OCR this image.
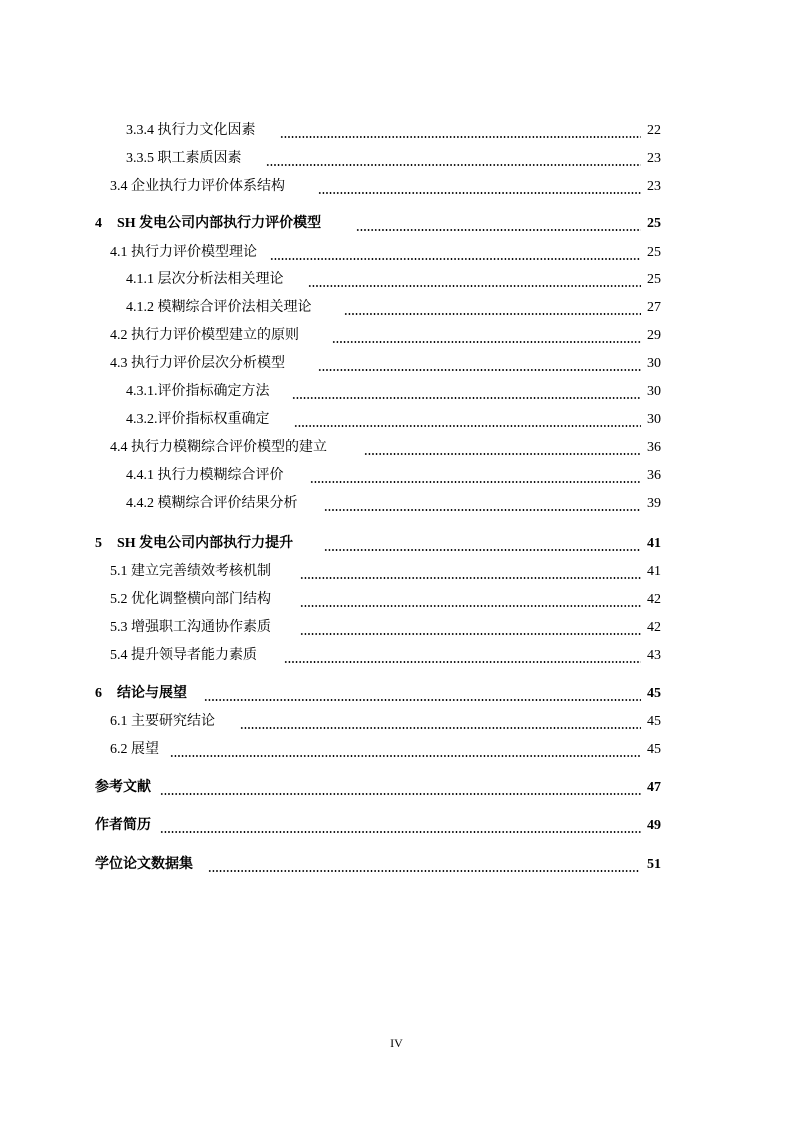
3.3.4 执行力文化因素	22
3.3.5 职工素质因素	23
3.4 企业执行力评价体系结构	23
4 SH 发电公司内部执行力评价模型	25
4.1 执行力评价模型理论	25
4.1.1 层次分析法相关理论	25
4.1.2 模糊综合评价法相关理论	27
4.2 执行力评价模型建立的原则	29
4.3 执行力评价层次分析模型	30
4.3.1.评价指标确定方法	30
4.3.2.评价指标权重确定	30
4.4 执行力模糊综合评价模型的建立	36
4.4.1 执行力模糊综合评价	36
4.4.2 模糊综合评价结果分析	39
5 SH 发电公司内部执行力提升	41
5.1 建立完善绩效考核机制	41
5.2 优化调整横向部门结构	42
5.3 增强职工沟通协作素质	42
5.4 提升领导者能力素质	43
6 结论与展望	45
6.1 主要研究结论	45
6.2 展望	45
参考文献	47
作者简历	49
学位论文数据集	51
IV
